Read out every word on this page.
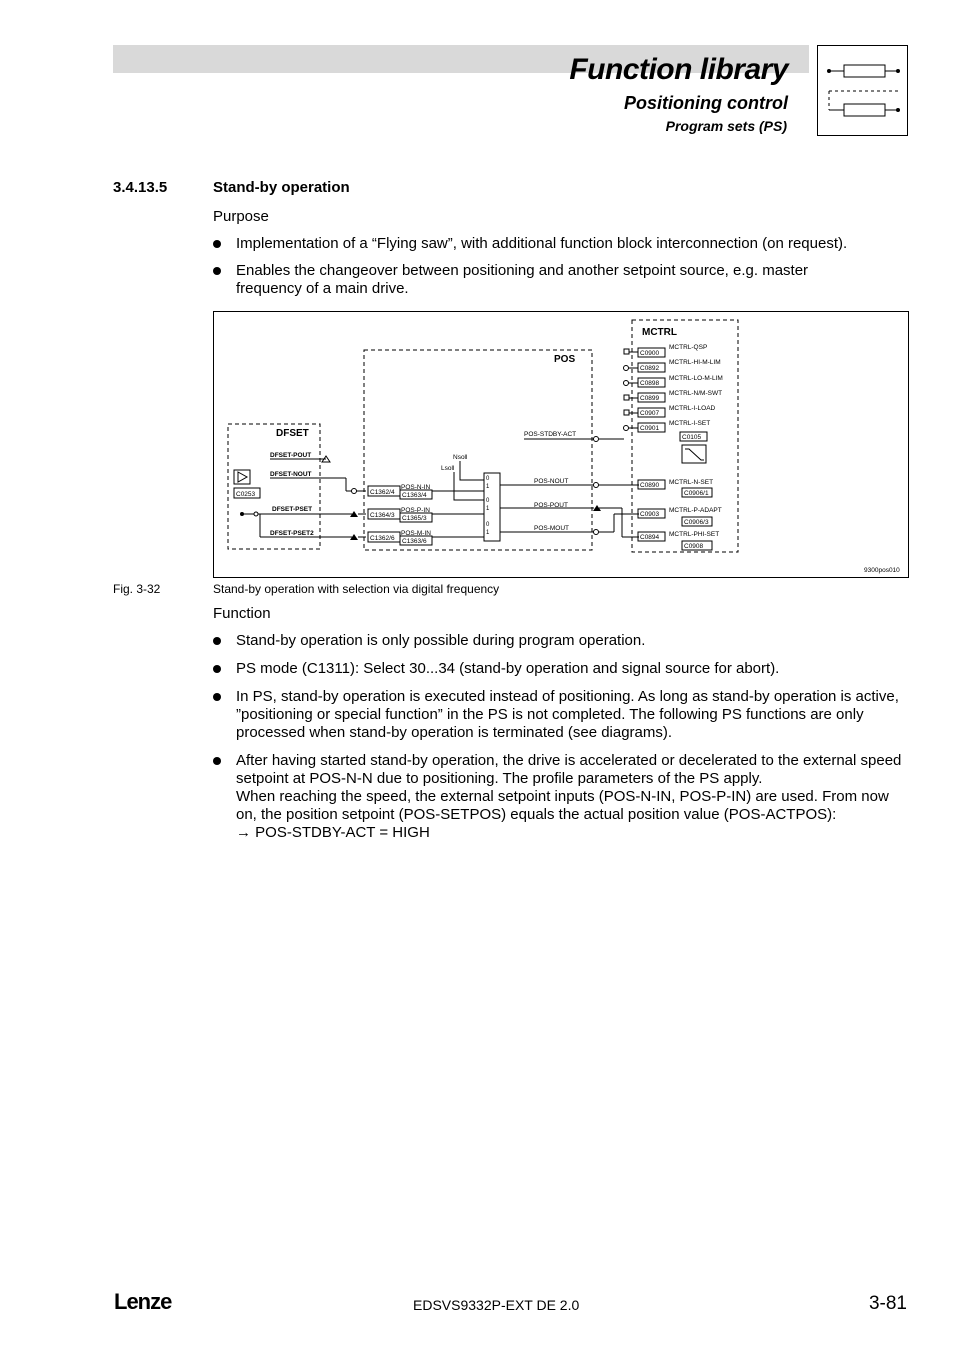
Function library
Positioning control
Program sets (PS)
3.4.13.5	Stand-by operation
Purpose

Implementation of a “Flying saw”, with additional function block interconnection (on request).

Enables the changeover between positioning and another setpoint source, e.g. master frequency of a main drive.

DFSET
C0253
DFSET-POUT
DFSET-NOUT
DFSET-PSET
DFSET-PSET2
POS
POS-STDBY-ACT
Nsoll
Lsoll
C1362/4
POS-N-IN
C1363/4
C1364/3
POS-P-IN
C1365/3
C1362/6
POS-M-IN
C1363/6
0
1
0
1
0
1
POS-NOUT
POS-POUT
POS-MOUT
MCTRL
C0900
MCTRL-QSP
C0892
MCTRL-HI-M-LIM
C0898
MCTRL-LO-M-LIM
C0899
MCTRL-N/M-SWT
C0907
MCTRL-I-LOAD
C0901
MCTRL-I-SET
C0105
C0890 MCTRL-N-SET
C0906/1
C0903
MCTRL-P-ADAPT
C0906/3
C0894 MCTRL-PHI-SET
C0908
9300pos010
Fig. 3-32	Stand-by operation with selection via digital frequency
Function

Stand-by operation is only possible during program operation.

PS mode (C1311): Select 30...34 (stand-by operation and signal source for abort).

In PS, stand-by operation is executed instead of positioning. As long as stand-by operation is active, ”positioning or special function” in the PS is not completed. The following PS functions are only processed when stand-by operation is terminated (see diagrams).

After having started stand-by operation, the drive is accelerated or decelerated to the external speed setpoint at POS-N-N due to positioning. The profile parameters of the PS apply.
When reaching the speed, the external setpoint inputs (POS-N-IN, POS-P-IN) are used. From now on, the position setpoint (POS-SETPOS) equals the actual position value (POS-ACTPOS):
→ POS-STDBY-ACT = HIGH
Lenze	EDSVS9332P-EXT DE 2.0	3-81
